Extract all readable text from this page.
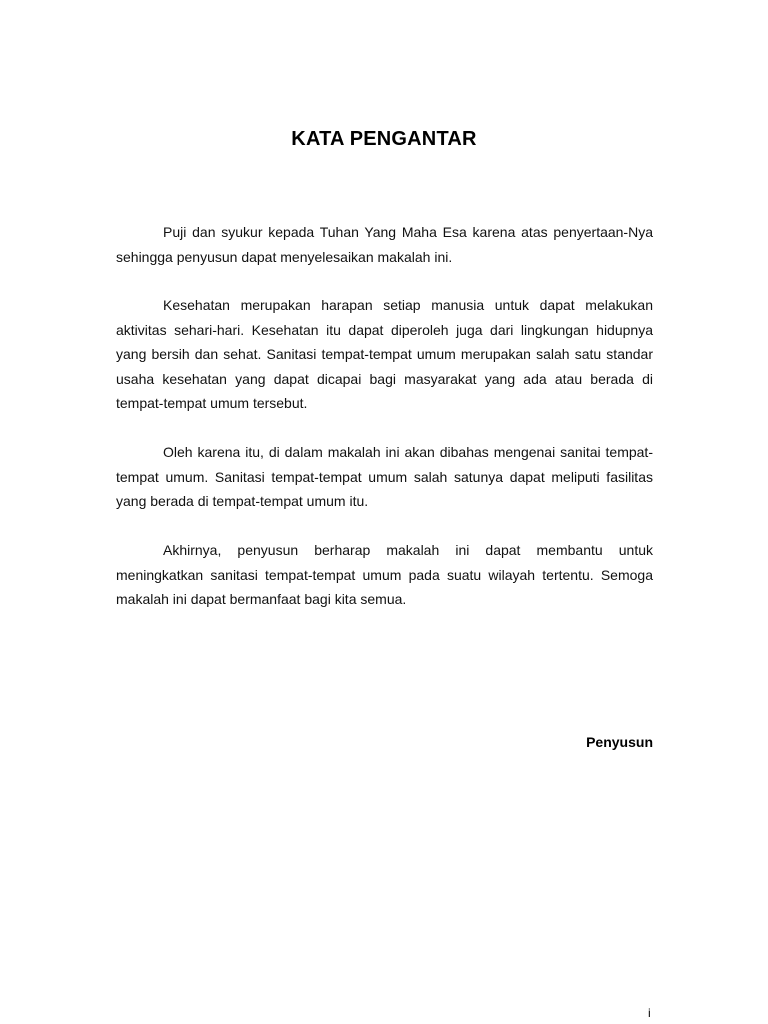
KATA PENGANTAR

Puji dan syukur kepada Tuhan Yang Maha Esa karena atas penyertaan-Nya sehingga penyusun dapat menyelesaikan makalah ini.

Kesehatan merupakan harapan setiap manusia untuk dapat melakukan aktivitas sehari-hari. Kesehatan itu dapat diperoleh juga dari lingkungan hidupnya yang bersih dan sehat. Sanitasi tempat-tempat umum merupakan salah satu standar usaha kesehatan yang dapat dicapai bagi masyarakat yang ada atau berada di tempat-tempat umum tersebut.

Oleh karena itu, di dalam makalah ini akan dibahas mengenai sanitai tempat-tempat umum. Sanitasi tempat-tempat umum salah satunya dapat meliputi fasilitas yang berada di tempat-tempat umum itu.

Akhirnya, penyusun berharap makalah ini dapat membantu untuk meningkatkan sanitasi tempat-tempat umum pada suatu wilayah tertentu. Semoga makalah ini dapat bermanfaat bagi kita semua.

Penyusun
i
